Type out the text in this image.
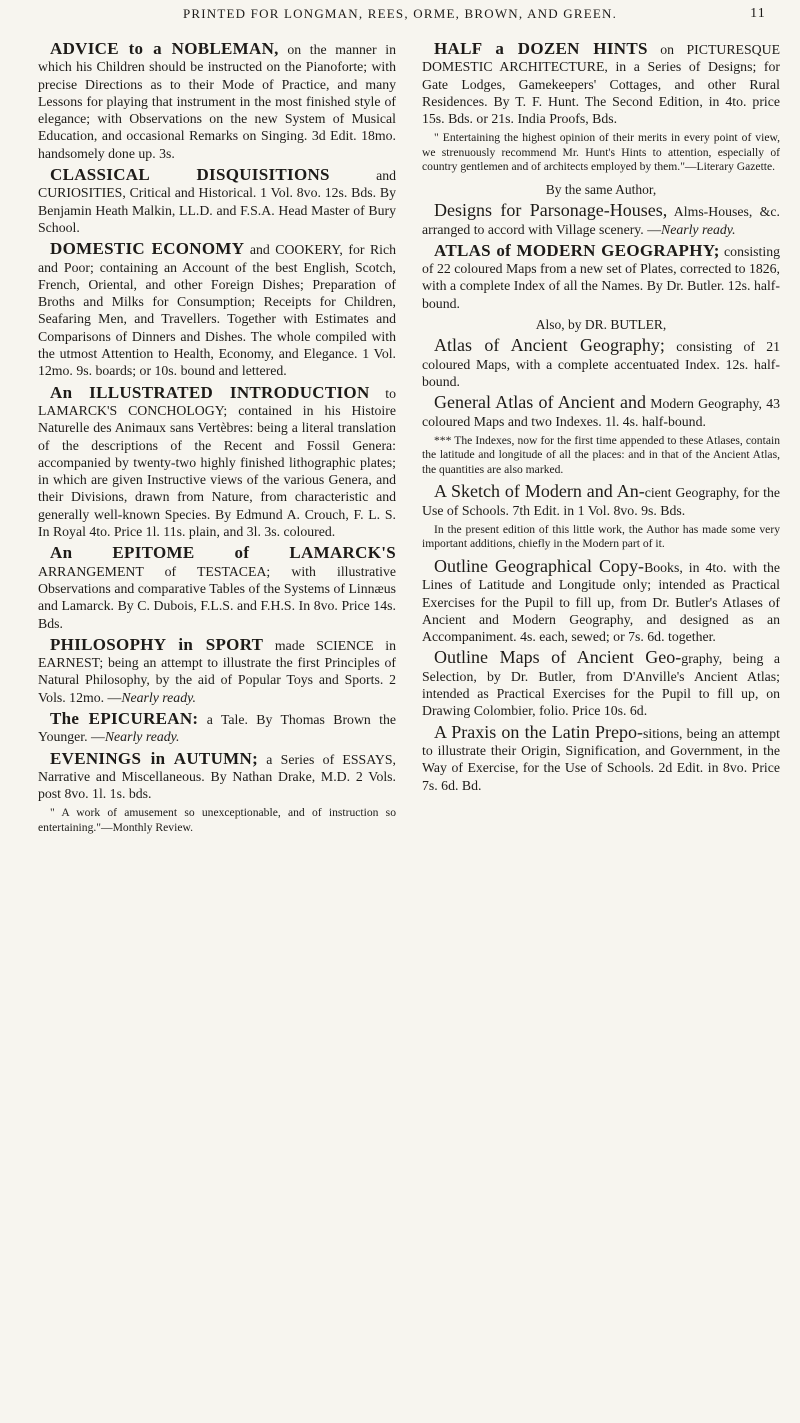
PRINTED FOR LONGMAN, REES, ORME, BROWN, AND GREEN.	11

ADVICE to a NOBLEMAN, on the manner in which his Children should be instructed on the Pianoforte; with precise Directions as to their Mode of Practice, and many Lessons for playing that instrument in the most finished style of elegance; with Observations on the new System of Musical Education, and occasional Remarks on Singing. 3d Edit. 18mo. handsomely done up. 3s.

CLASSICAL DISQUISITIONS and CURIOSITIES, Critical and Historical. 1 Vol. 8vo. 12s. Bds. By Benjamin Heath Malkin, LL.D. and F.S.A. Head Master of Bury School.

DOMESTIC ECONOMY and COOKERY, for Rich and Poor; containing an Account of the best English, Scotch, French, Oriental, and other Foreign Dishes; Preparation of Broths and Milks for Consumption; Receipts for Children, Seafaring Men, and Travellers. Together with Estimates and Comparisons of Dinners and Dishes. The whole compiled with the utmost Attention to Health, Economy, and Elegance. 1 Vol. 12mo. 9s. boards; or 10s. bound and lettered.

An ILLUSTRATED INTRODUCTION to LAMARCK'S CONCHOLOGY; contained in his Histoire Naturelle des Animaux sans Vertèbres: being a literal translation of the descriptions of the Recent and Fossil Genera: accompanied by twenty-two highly finished lithographic plates; in which are given Instructive views of the various Genera, and their Divisions, drawn from Nature, from characteristic and generally well-known Species. By Edmund A. Crouch, F. L. S. In Royal 4to. Price 1l. 11s. plain, and 3l. 3s. coloured.

An EPITOME of LAMARCK'S ARRANGEMENT of TESTACEA; with illustrative Observations and comparative Tables of the Systems of Linnæus and Lamarck. By C. Dubois, F.L.S. and F.H.S. In 8vo. Price 14s. Bds.

PHILOSOPHY in SPORT made SCIENCE in EARNEST; being an attempt to illustrate the first Principles of Natural Philosophy, by the aid of Popular Toys and Sports. 2 Vols. 12mo. —Nearly ready.

The EPICUREAN: a Tale. By Thomas Brown the Younger. —Nearly ready.

EVENINGS in AUTUMN; a Series of ESSAYS, Narrative and Miscellaneous. By Nathan Drake, M.D. 2 Vols. post 8vo. 1l. 1s. bds.

" A work of amusement so unexceptionable, and of instruction so entertaining."—Monthly Review.

HALF a DOZEN HINTS on PICTURESQUE DOMESTIC ARCHITECTURE, in a Series of Designs; for Gate Lodges, Gamekeepers' Cottages, and other Rural Residences. By T. F. Hunt. The Second Edition, in 4to. price 15s. Bds. or 21s. India Proofs, Bds.

" Entertaining the highest opinion of their merits in every point of view, we strenuously recommend Mr. Hunt's Hints to attention, especially of country gentlemen and of architects employed by them."—Literary Gazette.

By the same Author,

Designs for Parsonage-Houses, Alms-Houses, &c. arranged to accord with Village scenery. —Nearly ready.

ATLAS of MODERN GEOGRAPHY; consisting of 22 coloured Maps from a new set of Plates, corrected to 1826, with a complete Index of all the Names. By Dr. Butler. 12s. half-bound.

Also, by DR. BUTLER,

Atlas of Ancient Geography; consisting of 21 coloured Maps, with a complete accentuated Index. 12s. half-bound.

General Atlas of Ancient and Modern Geography, 43 coloured Maps and two Indexes. 1l. 4s. half-bound.

*** The Indexes, now for the first time appended to these Atlases, contain the latitude and longitude of all the places: and in that of the Ancient Atlas, the quantities are also marked.

A Sketch of Modern and An-cient Geography, for the Use of Schools. 7th Edit. in 1 Vol. 8vo. 9s. Bds.

In the present edition of this little work, the Author has made some very important additions, chiefly in the Modern part of it.

Outline Geographical Copy-Books, in 4to. with the Lines of Latitude and Longitude only; intended as Practical Exercises for the Pupil to fill up, from Dr. Butler's Atlases of Ancient and Modern Geography, and designed as an Accompaniment. 4s. each, sewed; or 7s. 6d. together.

Outline Maps of Ancient Geo-graphy, being a Selection, by Dr. Butler, from D'Anville's Ancient Atlas; intended as Practical Exercises for the Pupil to fill up, on Drawing Colombier, folio. Price 10s. 6d.

A Praxis on the Latin Prepo-sitions, being an attempt to illustrate their Origin, Signification, and Government, in the Way of Exercise, for the Use of Schools. 2d Edit. in 8vo. Price 7s. 6d. Bd.
